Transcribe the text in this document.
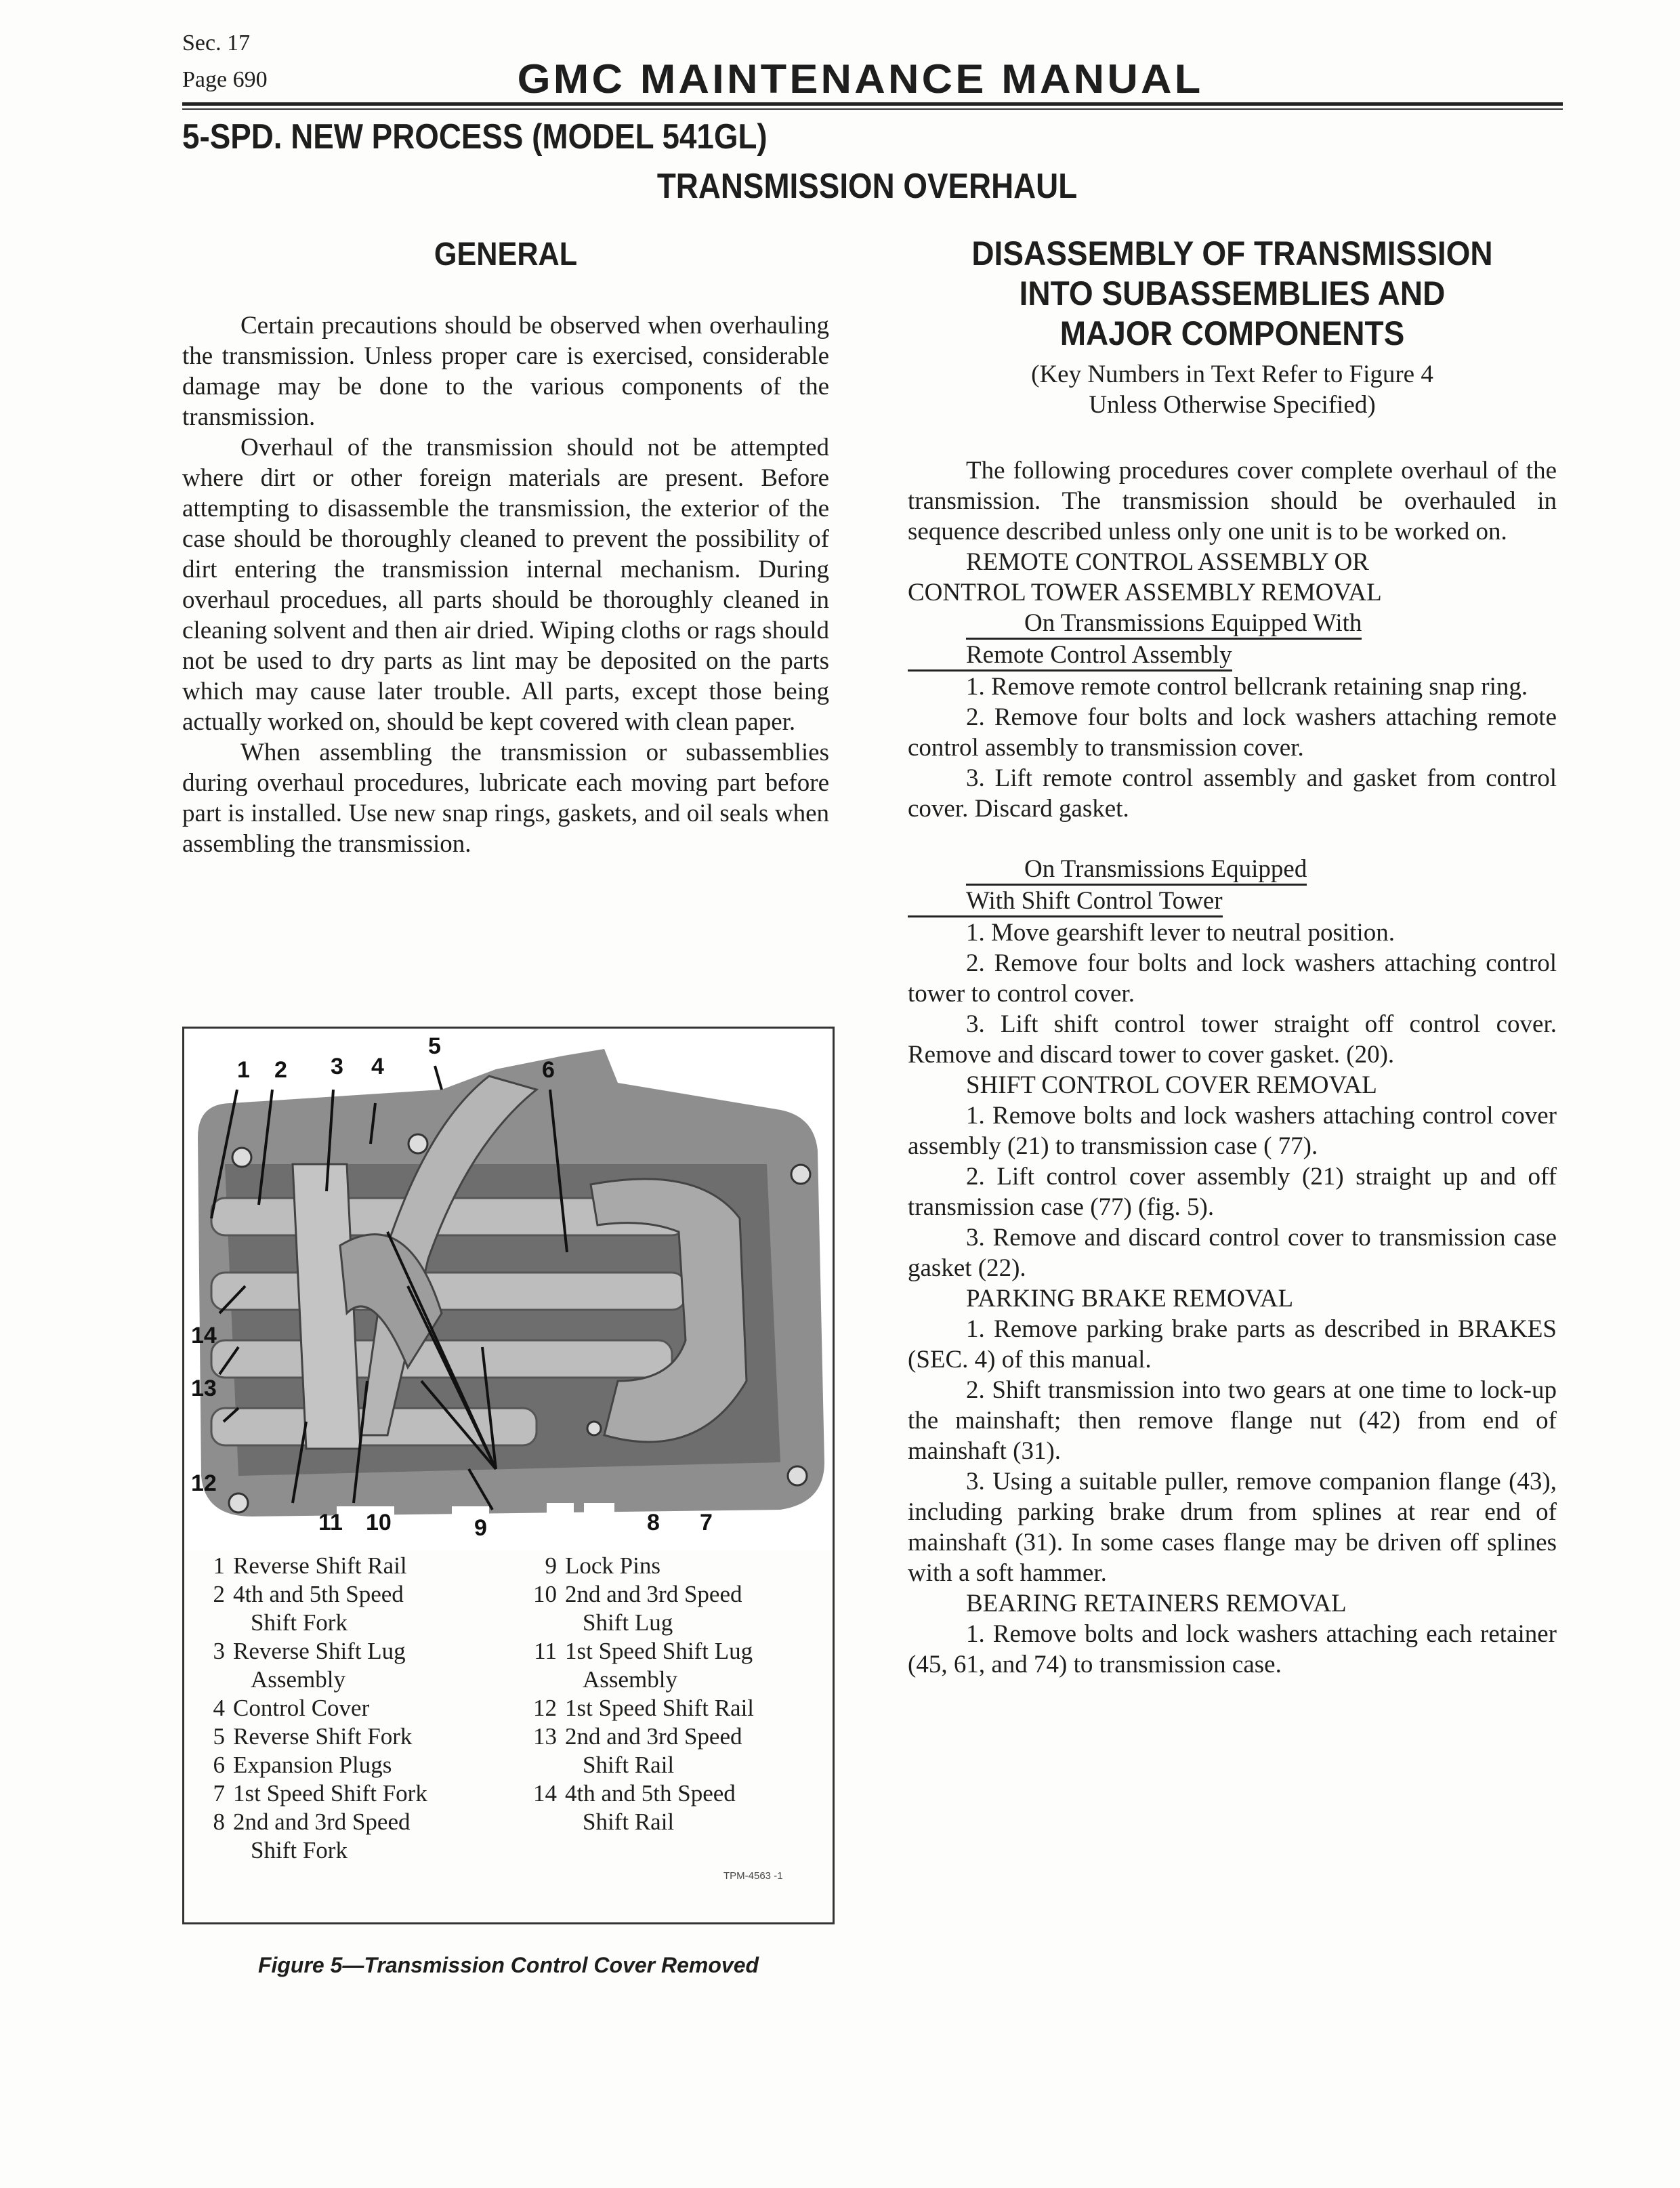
Sec. 17
Page 690	GMC MAINTENANCE MANUAL
5-SPD. NEW PROCESS (MODEL 541GL)
TRANSMISSION OVERHAUL
GENERAL

Certain precautions should be observed when overhauling the transmission. Unless proper care is exercised, considerable damage may be done to the various components of the transmission.

Overhaul of the transmission should not be attempted where dirt or other foreign materials are present. Before attempting to disassemble the transmission, the exterior of the case should be thoroughly cleaned to prevent the possibility of dirt entering the transmission internal mechanism. During overhaul procedues, all parts should be thoroughly cleaned in cleaning solvent and then air dried. Wiping cloths or rags should not be used to dry parts as lint may be deposited on the parts which may cause later trouble. All parts, except those being actually worked on, should be kept covered with clean paper.

When assembling the transmission or subassemblies during overhaul procedures, lubricate each moving part before part is installed. Use new snap rings, gaskets, and oil seals when assembling the transmission.

1 2 3 4
5
6
7
8
9
10
11
12
13
14
1 Reverse Shift Rail
2 4th and 5th Speed
Shift Fork
3 Reverse Shift Lug
Assembly
4 Control Cover
5 Reverse Shift Fork
6 Expansion Plugs
7 1st Speed Shift Fork
8 2nd and 3rd Speed
Shift Fork
9 Lock Pins
10 2nd and 3rd Speed
Shift Lug
11 1st Speed Shift Lug
Assembly
12 1st Speed Shift Rail
13 2nd and 3rd Speed
Shift Rail
14 4th and 5th Speed
Shift Rail
TPM-4563 -1
Figure 5—Transmission Control Cover Removed
DISASSEMBLY OF TRANSMISSION
INTO SUBASSEMBLIES AND
MAJOR COMPONENTS
(Key Numbers in Text Refer to Figure 4
Unless Otherwise Specified)

The following procedures cover complete overhaul of the transmission. The transmission should be overhauled in sequence described unless only one unit is to be worked on.

REMOTE CONTROL ASSEMBLY OR
CONTROL TOWER ASSEMBLY REMOVAL

On Transmissions Equipped With
Remote Control Assembly

1. Remove remote control bellcrank retaining snap ring.

2. Remove four bolts and lock washers attaching remote control assembly to transmission cover.

3. Lift remote control assembly and gasket from control cover. Discard gasket.

On Transmissions Equipped
With Shift Control Tower

1. Move gearshift lever to neutral position.

2. Remove four bolts and lock washers attaching control tower to control cover.

3. Lift shift control tower straight off control cover. Remove and discard tower to cover gasket. (20).

SHIFT CONTROL COVER REMOVAL

1. Remove bolts and lock washers attaching control cover assembly (21) to transmission case ( 77).

2. Lift control cover assembly (21) straight up and off transmission case (77) (fig. 5).

3. Remove and discard control cover to transmission case gasket (22).

PARKING BRAKE REMOVAL

1. Remove parking brake parts as described in BRAKES (SEC. 4) of this manual.

2. Shift transmission into two gears at one time to lock-up the mainshaft; then remove flange nut (42) from end of mainshaft (31).

3. Using a suitable puller, remove companion flange (43), including parking brake drum from splines at rear end of mainshaft (31). In some cases flange may be driven off splines with a soft hammer.

BEARING RETAINERS REMOVAL

1. Remove bolts and lock washers attaching each retainer (45, 61, and 74) to transmission case.
